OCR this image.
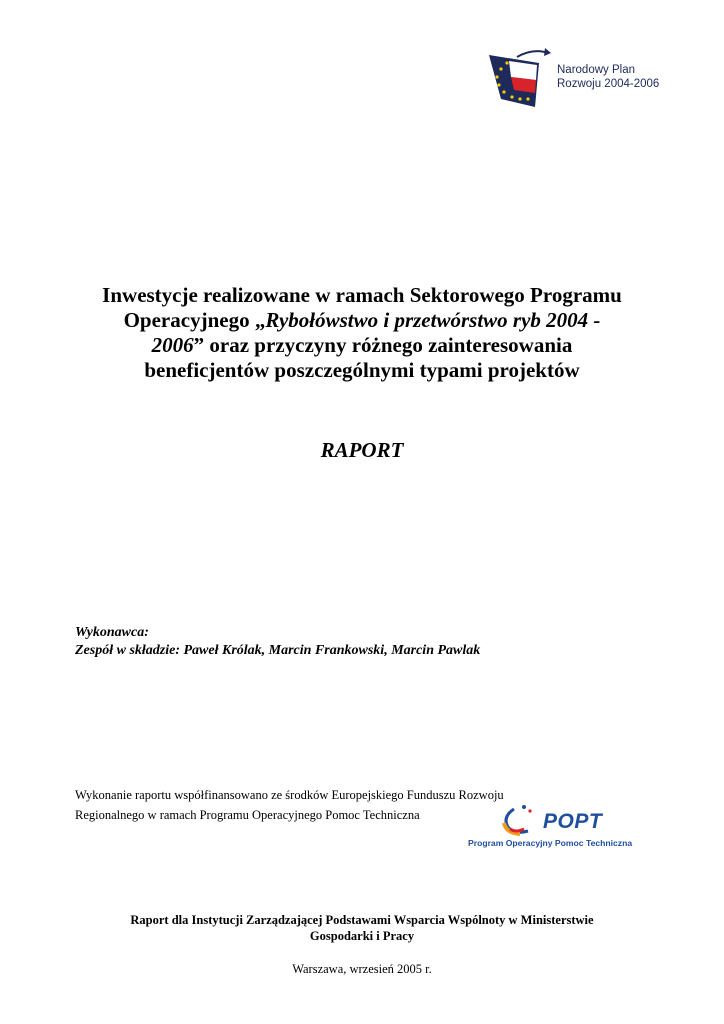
Narodowy Plan
Rozwoju 2004-2006
Inwestycje realizowane w ramach Sektorowego Programu
Operacyjnego „Rybołówstwo i przetwórstwo ryb 2004 -
2006” oraz przyczyny różnego zainteresowania
beneficjentów poszczególnymi typami projektów
RAPORT
Wykonawca:
Zespół w składzie: Paweł Królak, Marcin Frankowski, Marcin Pawlak
Wykonanie raportu współfinansowano ze środków Europejskiego Funduszu Rozwoju
Regionalnego w ramach Programu Operacyjnego Pomoc Techniczna	POPT
Program Operacyjny Pomoc Techniczna
Raport dla Instytucji Zarządzającej Podstawami Wsparcia Wspólnoty w Ministerstwie
Gospodarki i Pracy
Warszawa, wrzesień 2005 r.
